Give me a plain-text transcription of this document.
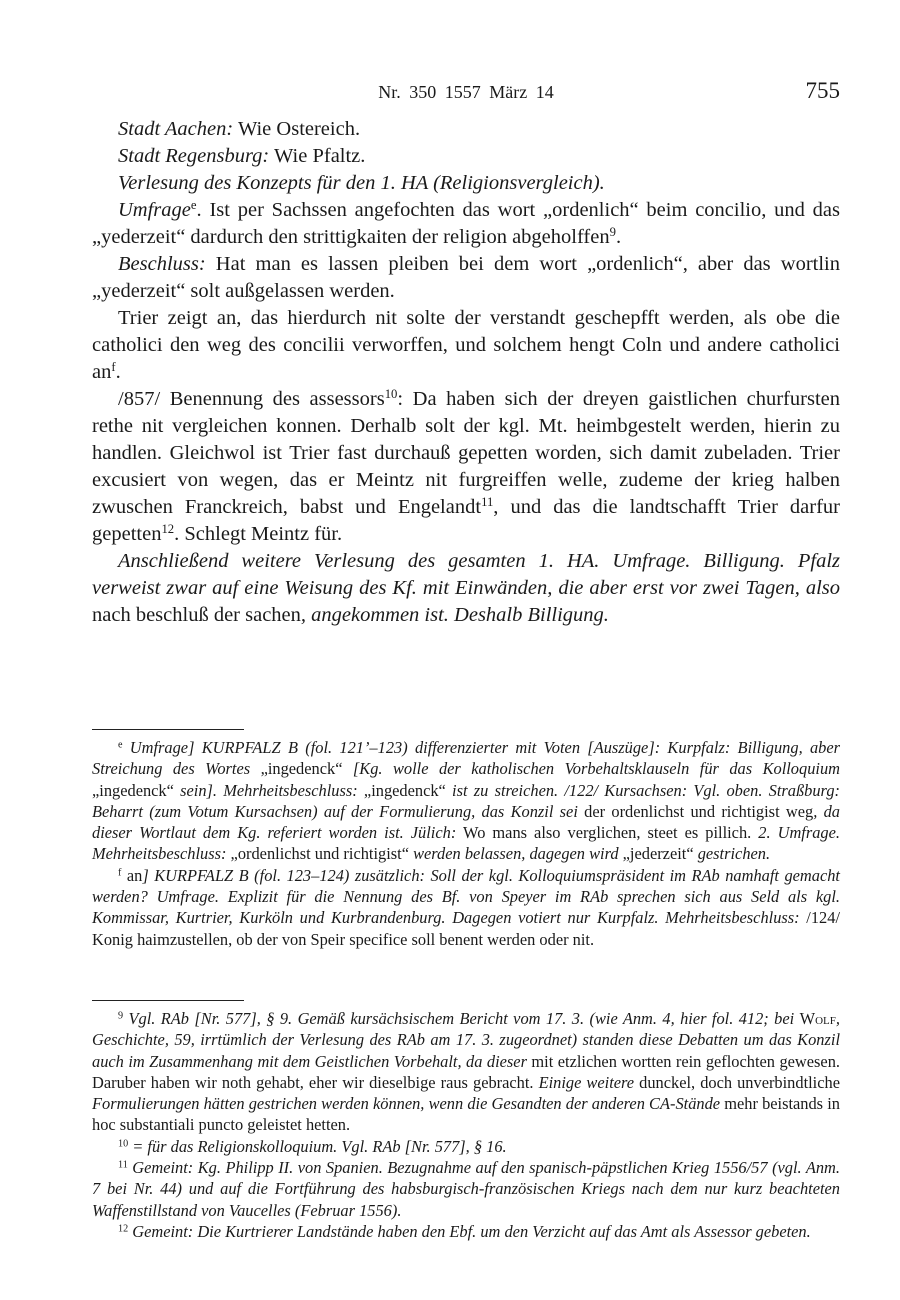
Nr. 350 1557 März 14	755

Stadt Aachen: Wie Ostereich.

Stadt Regensburg: Wie Pfaltz.

Verlesung des Konzepts für den 1. HA (Religionsvergleich).

Umfrage$^e$. Ist per Sachssen angefochten das wort „ordenlich“ beim concilio, und das „yederzeit“ dardurch den strittigkaiten der religion abgeholffen$^9$.

Beschluss: Hat man es lassen pleiben bei dem wort „ordenlich“, aber das wortlin „yederzeit“ solt außgelassen werden.

Trier zeigt an, das hierdurch nit solte der verstandt geschepfft werden, als obe die catholici den weg des concilii verworffen, und solchem hengt Coln und andere catholici $an^f$.

/857/ Benennung des assessors$^{10}$: Da haben sich der dreyen gaistlichen churfursten rethe nit vergleichen konnen. Derhalb solt der kgl. Mt. heimbgestelt werden, hierin zu handlen. Gleichwol ist Trier fast durchauß gepetten worden, sich damit zubeladen. Trier excusiert von wegen, das er Meintz nit furgreiffen welle, zudeme der krieg halben zwuschen Franckreich, babst und Engelandt$^{11}$, und das die landtschafft Trier darfur gepetten$^{12}$. Schlegt Meintz für.

Anschließend weitere Verlesung des gesamten 1. HA. Umfrage. Billigung. Pfalz verweist zwar auf eine Weisung des Kf. mit Einwänden, die aber erst vor zwei Tagen, also nach beschluß der sachen, angekommen ist. Deshalb Billigung.

$^e$ Umfrage] KURPFALZ B (fol. 121’–123) differenzierter mit Voten [Auszüge]: Kurpfalz: Billigung, aber Streichung des Wortes „ingedenck“ [Kg. wolle der katholischen Vorbehaltsklauseln für das Kolloquium „ingedenck“ sein]. Mehrheitsbeschluss: „ingedenck“ ist zu streichen. /122/ Kursachsen: Vgl. oben. Straßburg: Beharrt (zum Votum Kursachsen) auf der Formulierung, das Konzil sei der ordenlichst und richtigist weg, da dieser Wortlaut dem Kg. referiert worden ist. Jülich: Wo mans also verglichen, steet es pillich. 2. Umfrage. Mehrheitsbeschluss: „ordenlichst und richtigist“ werden belassen, dagegen wird „jederzeit“ gestrichen.

$^f$ an] KURPFALZ B (fol. 123–124) zusätzlich: Soll der kgl. Kolloquiumspräsident im RAb namhaft gemacht werden? Umfrage. Explizit für die Nennung des Bf. von Speyer im RAb sprechen sich aus Seld als kgl. Kommissar, Kurtrier, Kurköln und Kurbrandenburg. Dagegen votiert nur Kurpfalz. Mehrheitsbeschluss: /124/ Konig haimzustellen, ob der von Speir specifice soll benent werden oder nit.

$^9$ Vgl. RAb [Nr. 577], § 9. Gemäß kursächsischem Bericht vom 17. 3. (wie Anm. 4, hier fol. 412; bei Wolf, Geschichte, 59, irrtümlich der Verlesung des RAb am 17. 3. zugeordnet) standen diese Debatten um das Konzil auch im Zusammenhang mit dem Geistlichen Vorbehalt, da dieser mit etzlichen wortten rein geflochten gewesen. Daruber haben wir noth gehabt, eher wir dieselbige raus gebracht. Einige weitere dunckel, doch unverbindtliche Formulierungen hätten gestrichen werden können, wenn die Gesandten der anderen CA-Stände mehr beistands in hoc substantiali puncto geleistet hetten.

$^{10}$ = für das Religionskolloquium. Vgl. RAb [Nr. 577], § 16.

$^{11}$ Gemeint: Kg. Philipp II. von Spanien. Bezugnahme auf den spanisch-päpstlichen Krieg 1556/57 (vgl. Anm. 7 bei Nr. 44) und auf die Fortführung des habsburgisch-französischen Kriegs nach dem nur kurz beachteten Waffenstillstand von Vaucelles (Februar 1556).

$^{12}$ Gemeint: Die Kurtrierer Landstände haben den Ebf. um den Verzicht auf das Amt als Assessor gebeten.
